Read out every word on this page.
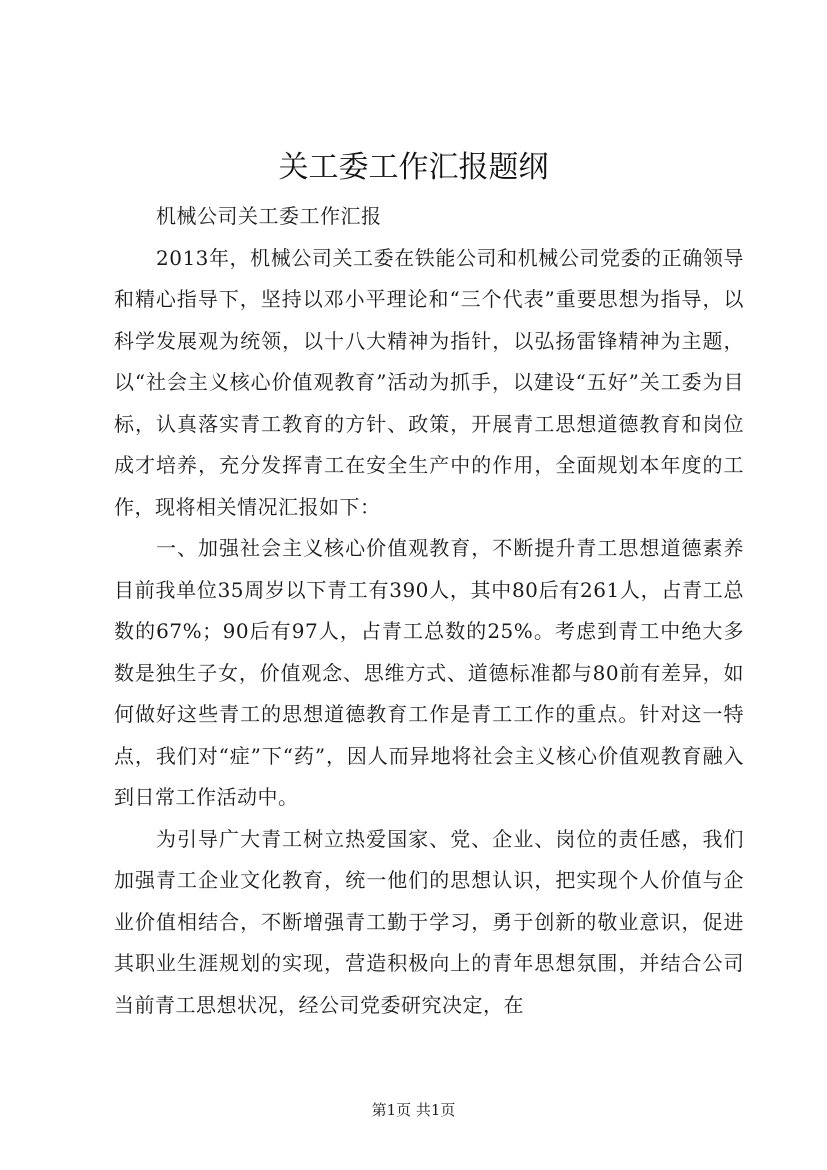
关工委工作汇报题纲

机械公司关工委工作汇报

2013年，机械公司关工委在铁能公司和机械公司党委的正确领导和精心指导下，坚持以邓小平理论和“三个代表”重要思想为指导，以科学发展观为统领，以十八大精神为指针，以弘扬雷锋精神为主题，以“社会主义核心价值观教育”活动为抓手，以建设“五好”关工委为目标，认真落实青工教育的方针、政策，开展青工思想道德教育和岗位成才培养，充分发挥青工在安全生产中的作用，全面规划本年度的工作，现将相关情况汇报如下：

一、加强社会主义核心价值观教育，不断提升青工思想道德素养目前我单位35周岁以下青工有390人，其中80后有261人，占青工总数的67%；90后有97人，占青工总数的25%。考虑到青工中绝大多数是独生子女，价值观念、思维方式、道德标准都与80前有差异，如何做好这些青工的思想道德教育工作是青工工作的重点。针对这一特点，我们对“症”下“药”，因人而异地将社会主义核心价值观教育融入到日常工作活动中。

为引导广大青工树立热爱国家、党、企业、岗位的责任感，我们加强青工企业文化教育，统一他们的思想认识，把实现个人价值与企业价值相结合，不断增强青工勤于学习，勇于创新的敬业意识，促进其职业生涯规划的实现，营造积极向上的青年思想氛围，并结合公司当前青工思想状况，经公司党委研究决定，在

第1页 共1页
